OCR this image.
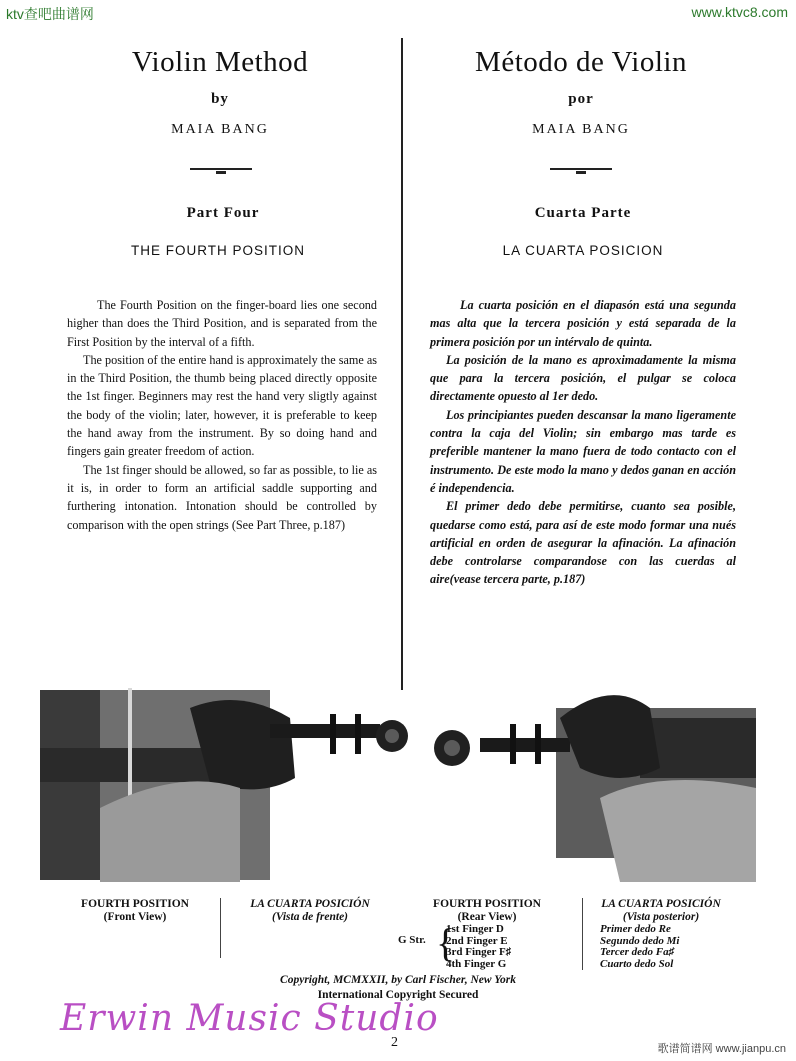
ktv查吧曲谱网	www.ktvc8.com
Violin Method
by
MAIA BANG
Part Four
THE FOURTH POSITION

The Fourth Position on the finger-board lies one second higher than does the Third Position, and is separated from the First Position by the interval of a fifth.

The position of the entire hand is approximately the same as in the Third Position, the thumb being placed directly opposite the 1st finger. Beginners may rest the hand very sligtly against the body of the violin; later, however, it is preferable to keep the hand away from the instrument. By so doing hand and fingers gain greater freedom of action.

The 1st finger should be allowed, so far as possible, to lie as it is, in order to form an artificial saddle supporting and furthering intonation. Intonation should be controlled by comparison with the open strings (See Part Three, p.187)

Método de Violin
por
MAIA BANG
Cuarta Parte
LA CUARTA POSICION

La cuarta posición en el diapasón está una segunda mas alta que la tercera posición y está separada de la primera posición por un intérvalo de quinta.

La posición de la mano es aproximadamente la misma que para la tercera posición, el pulgar se coloca directamente opuesto al 1er dedo.

Los principiantes pueden descansar la mano ligeramente contra la caja del Violin; sin embargo mas tarde es preferible mantener la mano fuera de todo contacto con el instrumento. De este modo la mano y dedos ganan en acción é independencia.

El primer dedo debe permitirse, cuanto sea posible, quedarse como está, para así de este modo formar una nués artificial en orden de asegurar la afinación. La afinación debe controlarse comparandose con las cuerdas al aire(vease tercera parte, p.187)

FOURTH POSITION
(Front View)
LA CUARTA POSICIÓN
(Vista de frente)
FOURTH POSITION
(Rear View)
G Str. {
1st Finger D
2nd Finger E
3rd Finger F♯
4th Finger G
LA CUARTA POSICIÓN
(Vista posterior)
Primer dedo Re
Segundo dedo Mi
Tercer dedo Fa♯
Cuarto dedo Sol
Copyright, MCMXXII, by Carl Fischer, New York
International Copyright Secured
Erwin Music Studio
2	歌谱简谱网 www.jianpu.cn
